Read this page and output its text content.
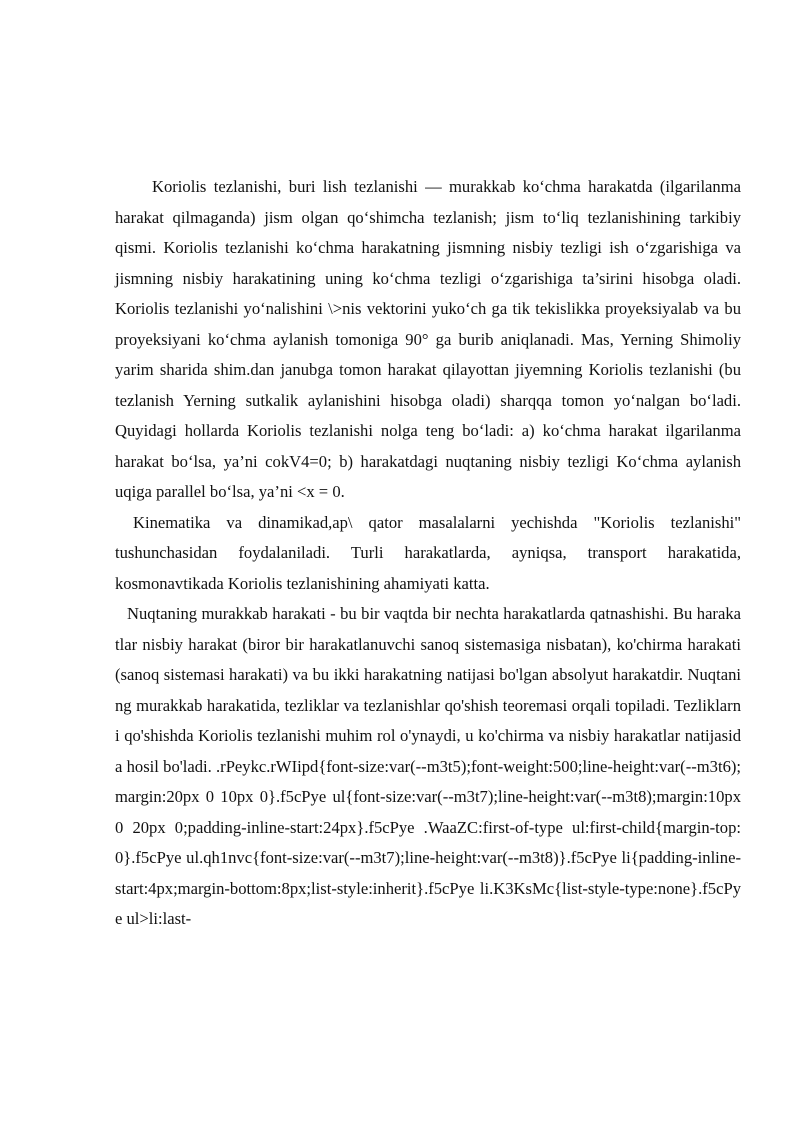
Koriolis tezlanishi, buri lish tezlanishi — murakkab ko‘chma harakatda (ilgarilanma harakat qilmaganda) jism olgan qo‘shimcha tezlanish; jism to‘liq tezlanishining tarkibiy qismi. Koriolis tezlanishi ko‘chma harakatning jismning nisbiy tezligi ish o‘zgarishiga va jismning nisbiy harakatining uning ko‘chma tezligi o‘zgarishiga ta’sirini hisobga oladi. Koriolis tezlanishi yo‘nalishini \>nis vektorini yuko‘ch ga tik tekislikka proyeksiyalab va bu proyeksiyani ko‘chma aylanish tomoniga 90° ga burib aniqlanadi. Mas, Yerning Shimoliy yarim sharida shim.dan janubga tomon harakat qilayottan jiyemning Koriolis tezlanishi (bu tezlanish Yerning sutkalik aylanishini hisobga oladi) sharqqa tomon yo‘nalgan bo‘ladi. Quyidagi hollarda Koriolis tezlanishi nolga teng bo‘ladi: a) ko‘chma harakat ilgarilanma harakat bo‘lsa, ya’ni cokV4=0; b) harakatdagi nuqtaning nisbiy tezligi Ko‘chma aylanish uqiga parallel bo‘lsa, ya’ni <x = 0.

Kinematika va dinamikad,ap\ qator masalalarni yechishda "Koriolis tezlanishi" tushunchasidan foydalaniladi. Turli harakatlarda, ayniqsa, transport harakatida, kosmonavtikada Koriolis tezlanishining ahamiyati katta.

Nuqtaning murakkab harakati - bu bir vaqtda bir nechta harakatlarda qatnashishi. Bu harakatlar nisbiy harakat (biror bir harakatlanuvchi sanoq sistemasiga nisbatan), ko'chirma harakati (sanoq sistemasi harakati) va bu ikki harakatning natijasi bo'lgan absolyut harakatdir. Nuqtaning murakkab harakatida, tezliklar va tezlanishlar qo'shish teoremasi orqali topiladi. Tezliklarni qo'shishda Koriolis tezlanishi muhim rol o'ynaydi, u ko'chirma va nisbiy harakatlar natijasida hosil bo'ladi. .rPeykc.rWIipd{font-size:var(--m3t5);font-weight:500;line-height:var(--m3t6);margin:20px 0 10px 0}.f5cPye ul{font-size:var(--m3t7);line-height:var(--m3t8);margin:10px 0 20px 0;padding-inline-start:24px}.f5cPye .WaaZC:first-of-type ul:first-child{margin-top:0}.f5cPye ul.qh1nvc{font-size:var(--m3t7);line-height:var(--m3t8)}.f5cPye li{padding-inline-start:4px;margin-bottom:8px;list-style:inherit}.f5cPye li.K3KsMc{list-style-type:none}.f5cPye ul>li:last-
